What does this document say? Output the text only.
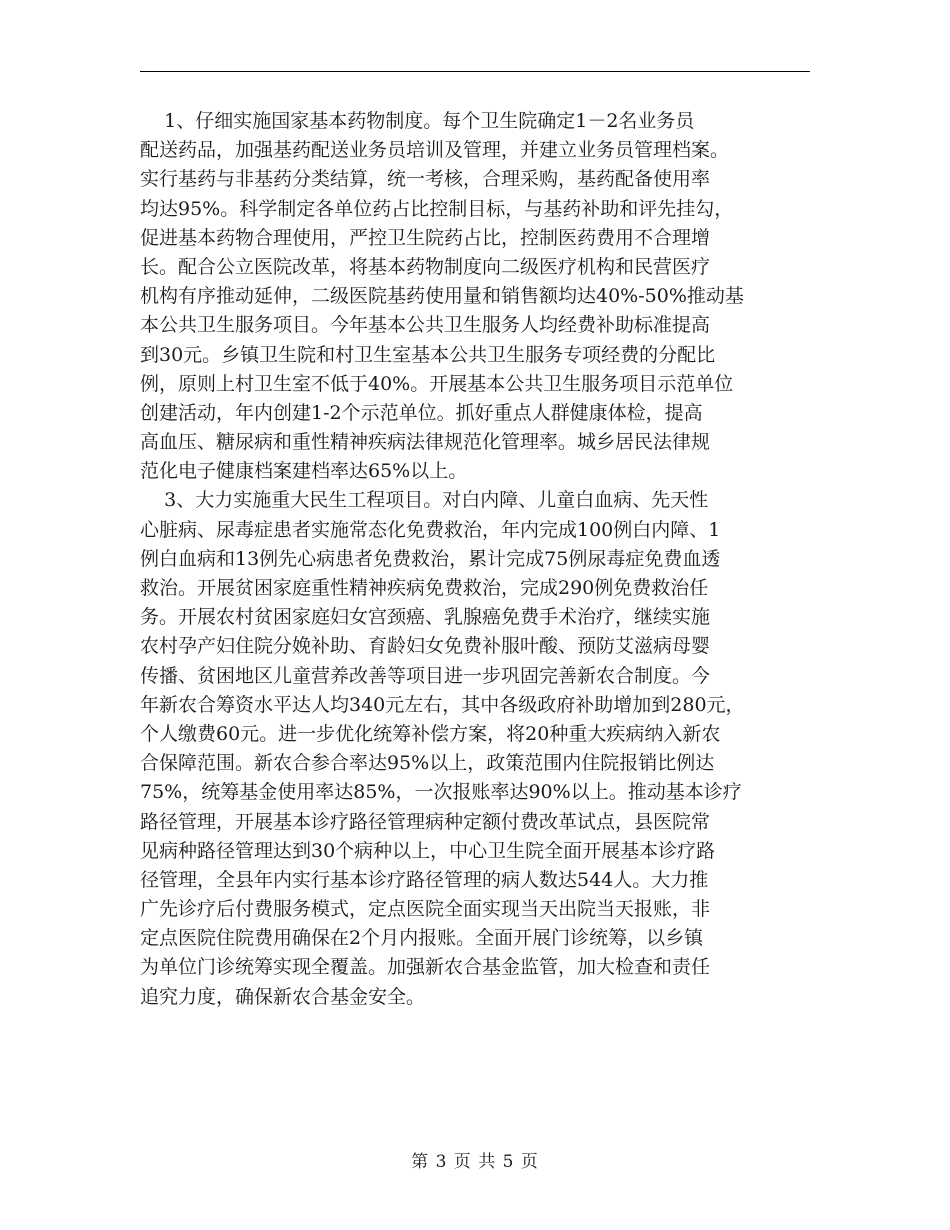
1、仔细实施国家基本药物制度。每个卫生院确定1－2名业务员
配送药品，加强基药配送业务员培训及管理，并建立业务员管理档案。
实行基药与非基药分类结算，统一考核，合理采购，基药配备使用率
均达95%。科学制定各单位药占比控制目标，与基药补助和评先挂勾，
促进基本药物合理使用，严控卫生院药占比，控制医药费用不合理增
长。配合公立医院改革，将基本药物制度向二级医疗机构和民营医疗
机构有序推动延伸，二级医院基药使用量和销售额均达40%-50%推动基
本公共卫生服务项目。今年基本公共卫生服务人均经费补助标准提高
到30元。乡镇卫生院和村卫生室基本公共卫生服务专项经费的分配比
例，原则上村卫生室不低于40%。开展基本公共卫生服务项目示范单位
创建活动，年内创建1-2个示范单位。抓好重点人群健康体检，提高
高血压、糖尿病和重性精神疾病法律规范化管理率。城乡居民法律规
范化电子健康档案建档率达65%以上。
3、大力实施重大民生工程项目。对白内障、儿童白血病、先天性
心脏病、尿毒症患者实施常态化免费救治，年内完成100例白内障、1
例白血病和13例先心病患者免费救治，累计完成75例尿毒症免费血透
救治。开展贫困家庭重性精神疾病免费救治，完成290例免费救治任
务。开展农村贫困家庭妇女宫颈癌、乳腺癌免费手术治疗，继续实施
农村孕产妇住院分娩补助、育龄妇女免费补服叶酸、预防艾滋病母婴
传播、贫困地区儿童营养改善等项目进一步巩固完善新农合制度。今
年新农合筹资水平达人均340元左右，其中各级政府补助增加到280元，
个人缴费60元。进一步优化统筹补偿方案，将20种重大疾病纳入新农
合保障范围。新农合参合率达95%以上，政策范围内住院报销比例达
75%，统筹基金使用率达85%，一次报账率达90%以上。推动基本诊疗
路径管理，开展基本诊疗路径管理病种定额付费改革试点，县医院常
见病种路径管理达到30个病种以上，中心卫生院全面开展基本诊疗路
径管理，全县年内实行基本诊疗路径管理的病人数达544人。大力推
广先诊疗后付费服务模式，定点医院全面实现当天出院当天报账，非
定点医院住院费用确保在2个月内报账。全面开展门诊统筹，以乡镇
为单位门诊统筹实现全覆盖。加强新农合基金监管，加大检查和责任
追究力度，确保新农合基金安全。
第 3 页 共 5 页
